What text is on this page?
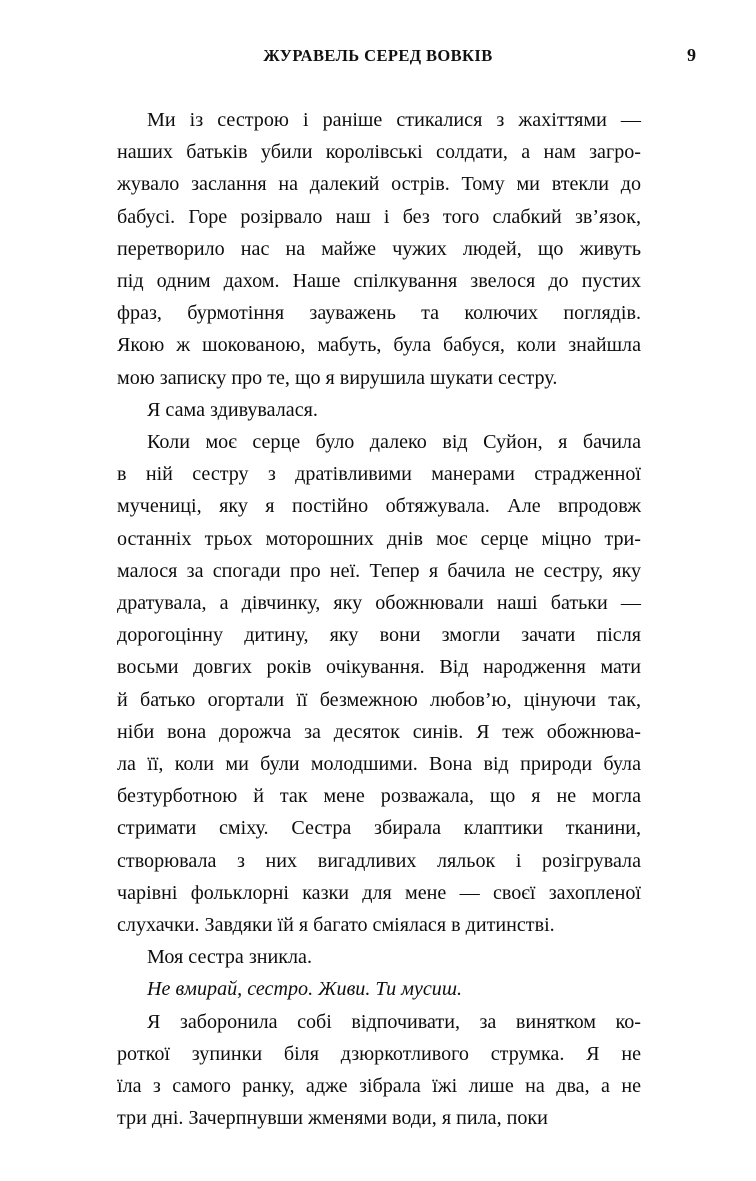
ЖУРАВЕЛЬ СЕРЕД ВОВКІВ	9

Ми із сестрою і раніше стикалися з жахіттями —
наших батьків убили королівські солдати, а нам загро-
жувало заслання на далекий острів. Тому ми втекли до
бабусі. Горе розірвало наш і без того слабкий зв’язок,
перетворило нас на майже чужих людей, що живуть
під одним дахом. Наше спілкування звелося до пустих
фраз, бурмотіння зауважень та колючих поглядів.
Якою ж шокованою, мабуть, була бабуся, коли знайшла
мою записку про те, що я вирушила шукати сестру.

Я сама здивувалася.

Коли моє серце було далеко від Суйон, я бачила
в ній сестру з дратівливими манерами страдженної
мучениці, яку я постійно обтяжувала. Але впродовж
останніх трьох моторошних днів моє серце міцно три-
малося за спогади про неї. Тепер я бачила не сестру, яку
дратувала, а дівчинку, яку обожнювали наші батьки —
дорогоцінну дитину, яку вони змогли зачати після
восьми довгих років очікування. Від народження мати
й батько огортали її безмежною любов’ю, цінуючи так,
ніби вона дорожча за десяток синів. Я теж обожнюва-
ла її, коли ми були молодшими. Вона від природи була
безтурботною й так мене розважала, що я не могла
стримати сміху. Сестра збирала клаптики тканини,
створювала з них вигадливих ляльок і розігрувала
чарівні фольклорні казки для мене — своєї захопленої
слухачки. Завдяки їй я багато сміялася в дитинстві.

Моя сестра зникла.

Не вмирай, сестро. Живи. Ти мусиш.

Я заборонила собі відпочивати, за винятком ко-
роткої зупинки біля дзюркотливого струмка. Я не
їла з самого ранку, адже зібрала їжі лише на два, а не
три дні. Зачерпнувши жменями води, я пила, поки
